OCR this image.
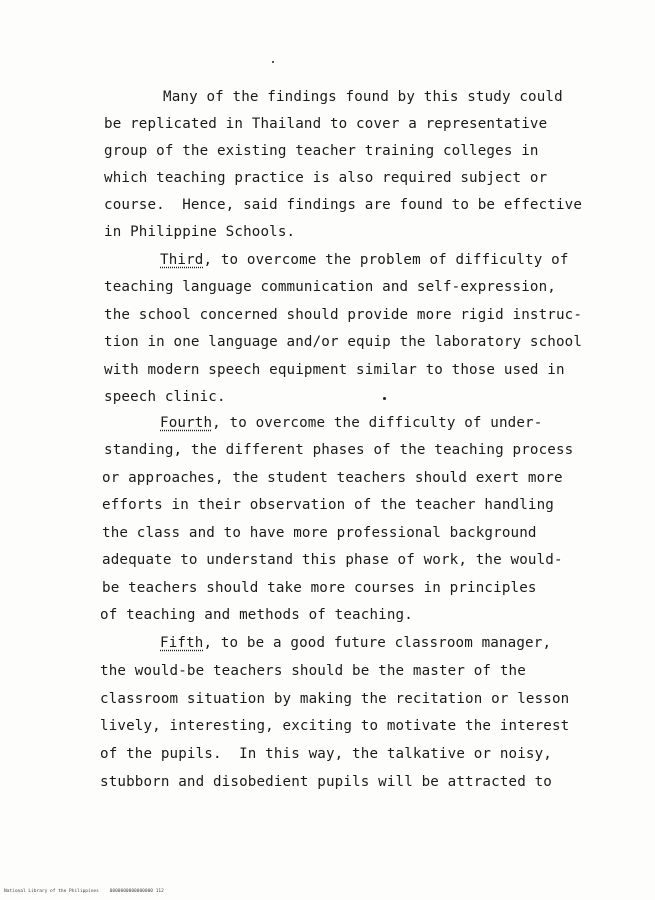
Many of the findings found by this study could
be replicated in Thailand to cover a representative
group of the existing teacher training colleges in
which teaching practice is also required subject or
course.  Hence, said findings are found to be effective
in Philippine Schools.
Third, to overcome the problem of difficulty of
teaching language communication and self-expression,
the school concerned should provide more rigid instruc-
tion in one language and/or equip the laboratory school
with modern speech equipment similar to those used in
speech clinic.
Fourth, to overcome the difficulty of under-
standing, the different phases of the teaching process
or approaches, the student teachers should exert more
efforts in their observation of the teacher handling
the class and to have more professional background
adequate to understand this phase of work, the would-
be teachers should take more courses in principles
of teaching and methods of teaching.
Fifth, to be a good future classroom manager,
the would-be teachers should be the master of the
classroom situation by making the recitation or lesson
lively, interesting, exciting to motivate the interest
of the pupils.  In this way, the talkative or noisy,
stubborn and disobedient pupils will be attracted to
National Library of the Philippines    0000000000000000 112
